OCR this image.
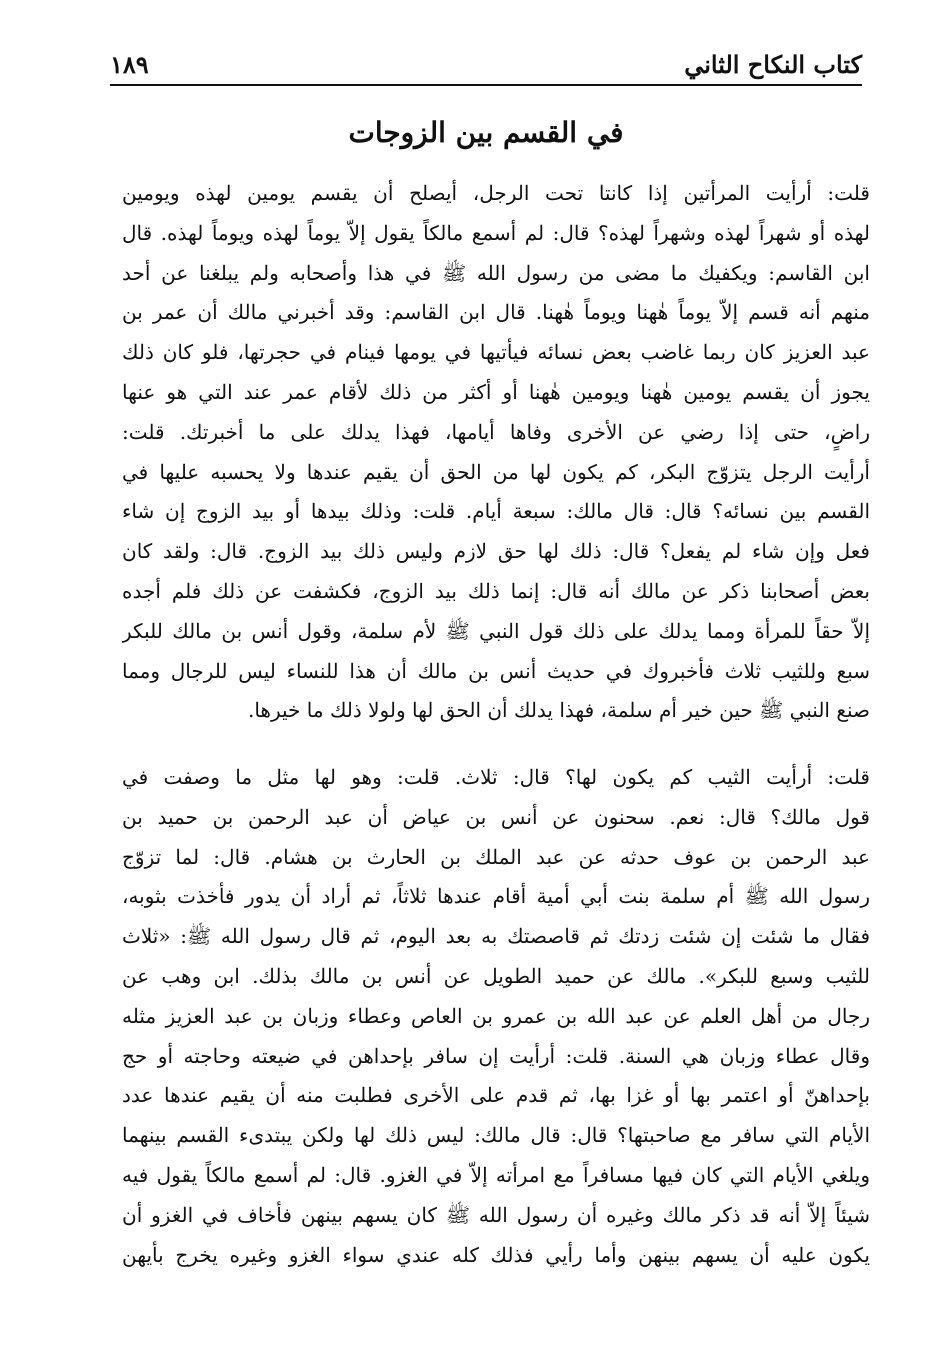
كتاب النكاح الثاني
١٨٩
في القسم بين الزوجات
قلت: أرأيت المرأتين إذا كانتا تحت الرجل، أيصلح أن يقسم يومين لهذه ويومين
لهذه أو شهراً لهذه وشهراً لهذه؟ قال: لم أسمع مالكاً يقول إلاّ يوماً لهذه ويوماً لهذه. قال
ابن القاسم: ويكفيك ما مضى من رسول الله ﷺ في هذا وأصحابه ولم يبلغنا عن أحد
منهم أنه قسم إلاّ يوماً هٰهنا ويوماً هٰهنا. قال ابن القاسم: وقد أخبرني مالك أن عمر بن
عبد العزيز كان ربما غاضب بعض نسائه فيأتيها في يومها فينام في حجرتها، فلو كان ذلك
يجوز أن يقسم يومين هٰهنا ويومين هٰهنا أو أكثر من ذلك لأقام عمر عند التي هو عنها
راضٍ، حتى إذا رضي عن الأخرى وفاها أيامها، فهذا يدلك على ما أخبرتك. قلت:
أرأيت الرجل يتزوّج البكر، كم يكون لها من الحق أن يقيم عندها ولا يحسبه عليها في
القسم بين نسائه؟ قال: قال مالك: سبعة أيام. قلت: وذلك بيدها أو بيد الزوج إن شاء
فعل وإن شاء لم يفعل؟ قال: ذلك لها حق لازم وليس ذلك بيد الزوج. قال: ولقد كان
بعض أصحابنا ذكر عن مالك أنه قال: إنما ذلك بيد الزوج، فكشفت عن ذلك فلم أجده
إلاّ حقاً للمرأة ومما يدلك على ذلك قول النبي ﷺ لأم سلمة، وقول أنس بن مالك للبكر
سبع وللثيب ثلاث فأخبروك في حديث أنس بن مالك أن هذا للنساء ليس للرجال ومما
صنع النبي ﷺ حين خير أم سلمة، فهذا يدلك أن الحق لها ولولا ذلك ما خيرها.
قلت: أرأيت الثيب كم يكون لها؟ قال: ثلاث. قلت: وهو لها مثل ما وصفت في
قول مالك؟ قال: نعم. سحنون عن أنس بن عياض أن عبد الرحمن بن حميد بن
عبد الرحمن بن عوف حدثه عن عبد الملك بن الحارث بن هشام. قال: لما تزوّج
رسول الله ﷺ أم سلمة بنت أبي أمية أقام عندها ثلاثاً، ثم أراد أن يدور فأخذت بثوبه،
فقال ما شئت إن شئت زدتك ثم قاصصتك به بعد اليوم، ثم قال رسول الله ﷺ: «ثلاث
للثيب وسبع للبكر». مالك عن حميد الطويل عن أنس بن مالك بذلك. ابن وهب عن
رجال من أهل العلم عن عبد الله بن عمرو بن العاص وعطاء وزبان بن عبد العزيز مثله
وقال عطاء وزبان هي السنة. قلت: أرأيت إن سافر بإحداهن في ضيعته وحاجته أو حج
بإحداهنّ أو اعتمر بها أو غزا بها، ثم قدم على الأخرى فطلبت منه أن يقيم عندها عدد
الأيام التي سافر مع صاحبتها؟ قال: قال مالك: ليس ذلك لها ولكن يبتدىء القسم بينهما
ويلغي الأيام التي كان فيها مسافراً مع امرأته إلاّ في الغزو. قال: لم أسمع مالكاً يقول فيه
شيئاً إلاّ أنه قد ذكر مالك وغيره أن رسول الله ﷺ كان يسهم بينهن فأخاف في الغزو أن
يكون عليه أن يسهم بينهن وأما رأيي فذلك كله عندي سواء الغزو وغيره يخرج بأيهن
